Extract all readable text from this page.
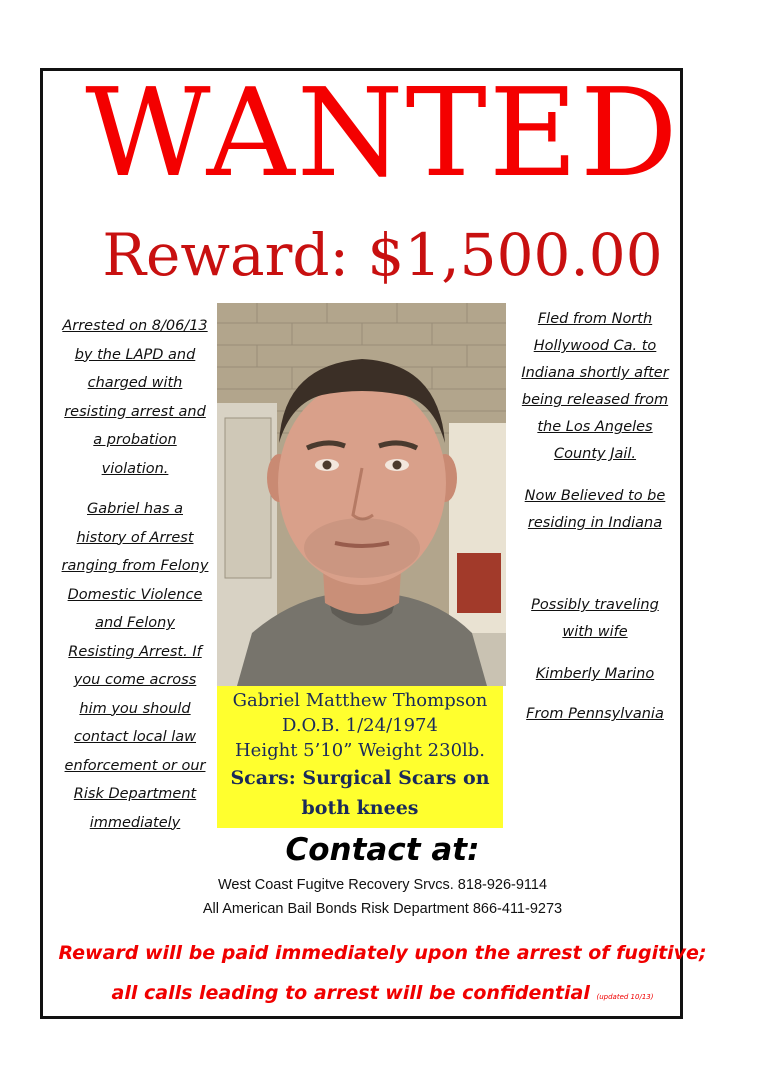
WANTED
Reward: $1,500.00
Arrested on 8/06/13
by the LAPD and
charged with
resisting arrest and
a probation
violation.
Gabriel has a
history of Arrest
ranging from Felony
Domestic Violence
and Felony
Resisting Arrest. If
you come across
him you should
contact local law
enforcement or our
Risk Department
immediately
Gabriel Matthew Thompson
D.O.B. 1/24/1974
Height 5’10” Weight 230lb.
Scars: Surgical Scars on
both knees
Fled from North
Hollywood Ca. to
Indiana shortly after
being released from
the Los Angeles
County Jail.
Now Believed to be
residing in Indiana
Possibly traveling
with wife
Kimberly Marino
From Pennsylvania
Contact at:
West Coast Fugitve Recovery Srvcs. 818-926-9114
All American Bail Bonds Risk Department 866-411-9273
Reward will be paid immediately upon the arrest of fugitive;
all calls leading to arrest will be confidential (updated 10/13)
